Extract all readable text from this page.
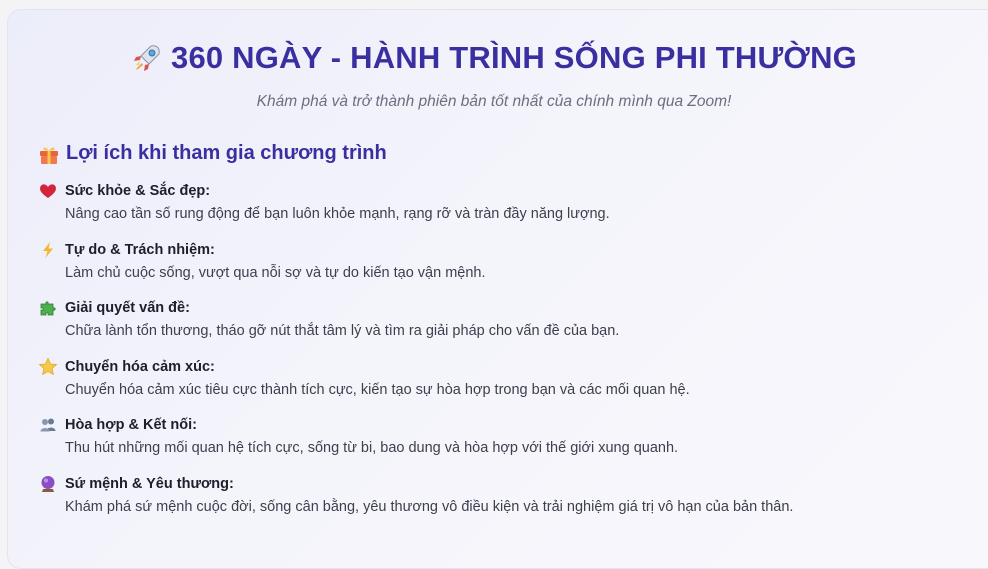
360 NGÀY - HÀNH TRÌNH SỐNG PHI THƯỜNG
Khám phá và trở thành phiên bản tốt nhất của chính mình qua Zoom!
Lợi ích khi tham gia chương trình
Sức khỏe & Sắc đẹp:
Nâng cao tần số rung động để bạn luôn khỏe mạnh, rạng rỡ và tràn đầy năng lượng.
Tự do & Trách nhiệm:
Làm chủ cuộc sống, vượt qua nỗi sợ và tự do kiến tạo vận mệnh.
Giải quyết vấn đề:
Chữa lành tổn thương, tháo gỡ nút thắt tâm lý và tìm ra giải pháp cho vấn đề của bạn.
Chuyển hóa cảm xúc:
Chuyển hóa cảm xúc tiêu cực thành tích cực, kiến tạo sự hòa hợp trong bạn và các mối quan hệ.
Hòa hợp & Kết nối:
Thu hút những mối quan hệ tích cực, sống từ bi, bao dung và hòa hợp với thế giới xung quanh.
Sứ mệnh & Yêu thương:
Khám phá sứ mệnh cuộc đời, sống cân bằng, yêu thương vô điều kiện và trải nghiệm giá trị vô hạn của bản thân.
